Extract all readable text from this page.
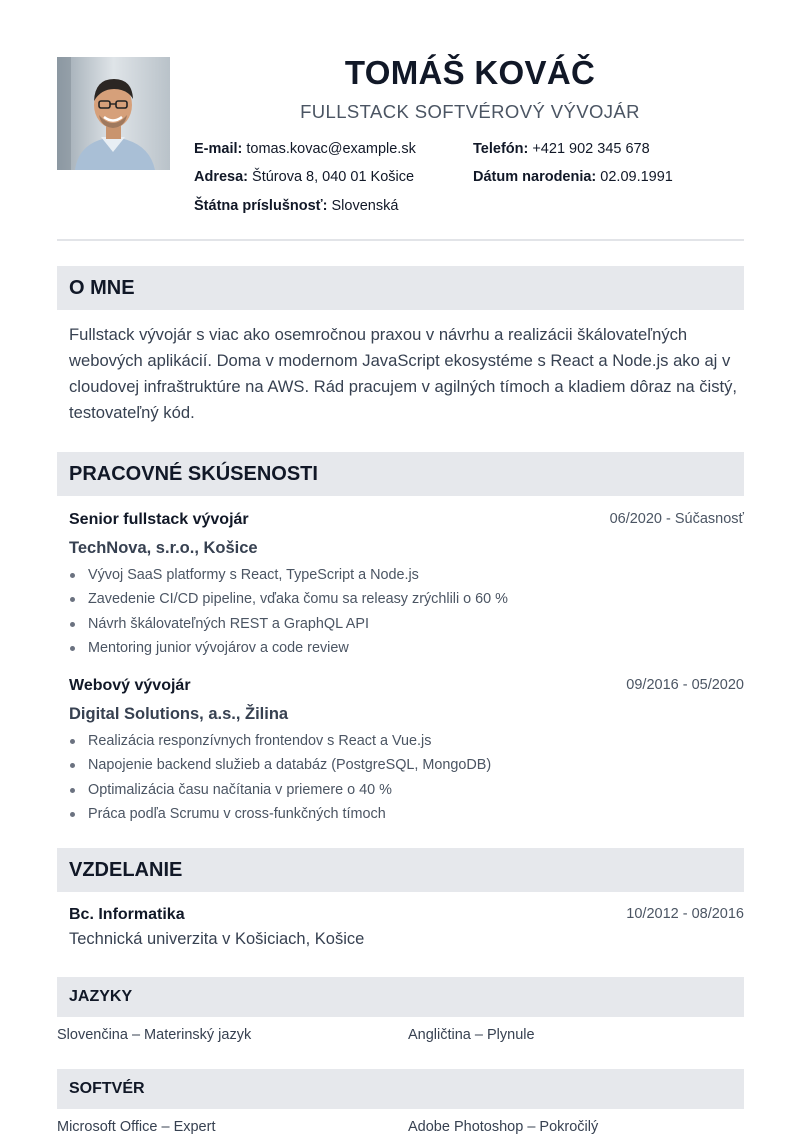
TOMÁŠ KOVÁČ
FULLSTACK SOFTVÉROVÝ VÝVOJÁR
E-mail: tomas.kovac@example.sk	Telefón: +421 902 345 678
Adresa: Štúrova 8, 040 01 Košice	Dátum narodenia: 02.09.1991
Štátna príslušnosť: Slovenská
O MNE
Fullstack vývojár s viac ako osemročnou praxou v návrhu a realizácii škálovateľných webových aplikácií. Doma v modernom JavaScript ekosystéme s React a Node.js ako aj v cloudovej infraštruktúre na AWS. Rád pracujem v agilných tímoch a kladiem dôraz na čistý, testovateľný kód.
PRACOVNÉ SKÚSENOSTI
Senior fullstack vývojár	06/2020 - Súčasnosť
TechNova, s.r.o., Košice
Vývoj SaaS platformy s React, TypeScript a Node.js
Zavedenie CI/CD pipeline, vďaka čomu sa releasy zrýchlili o 60 %
Návrh škálovateľných REST a GraphQL API
Mentoring junior vývojárov a code review
Webový vývojár	09/2016 - 05/2020
Digital Solutions, a.s., Žilina
Realizácia responzívnych frontendov s React a Vue.js
Napojenie backend služieb a databáz (PostgreSQL, MongoDB)
Optimalizácia času načítania v priemere o 40 %
Práca podľa Scrumu v cross-funkčných tímoch
VZDELANIE
Bc. Informatika	10/2012 - 08/2016
Technická univerzita v Košiciach, Košice
JAZYKY
Slovenčina – Materinský jazyk	Angličtina – Plynule
SOFTVÉR
Microsoft Office – Expert	Adobe Photoshop – Pokročilý
